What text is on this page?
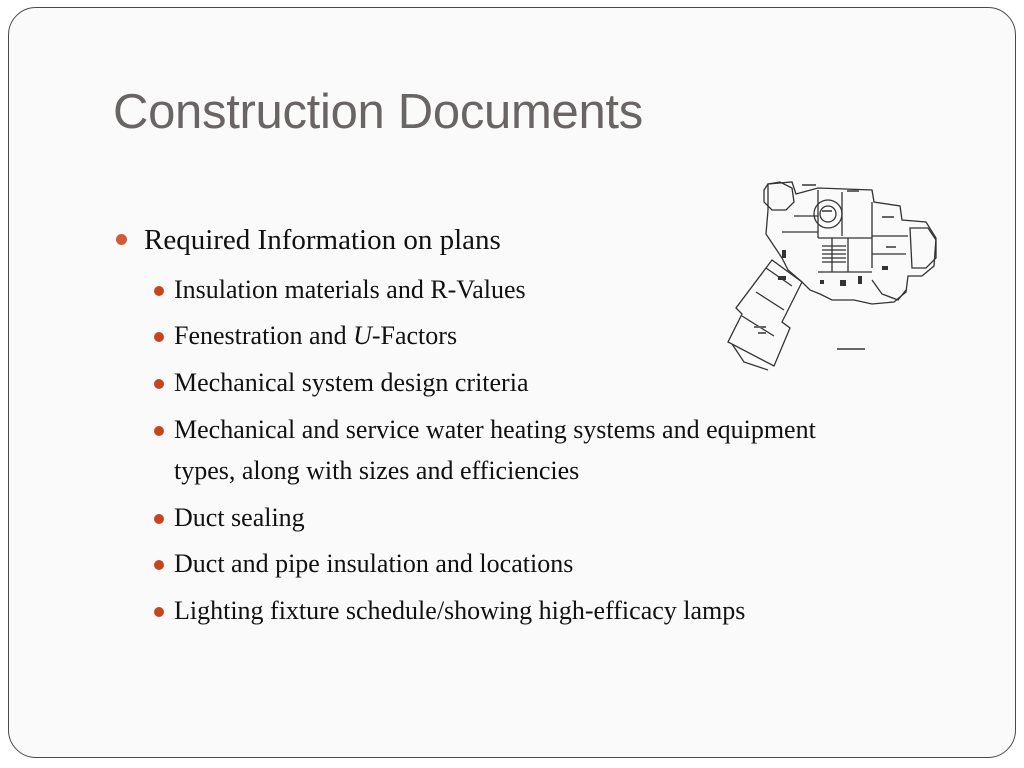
Construction Documents
Required Information on plans
Insulation materials and R-Values
Fenestration and U-Factors
Mechanical system design criteria
Mechanical and service water heating systems and equipment
types, along with sizes and efficiencies
Duct sealing
Duct and pipe insulation and locations
Lighting fixture schedule/showing high-efficacy lamps
